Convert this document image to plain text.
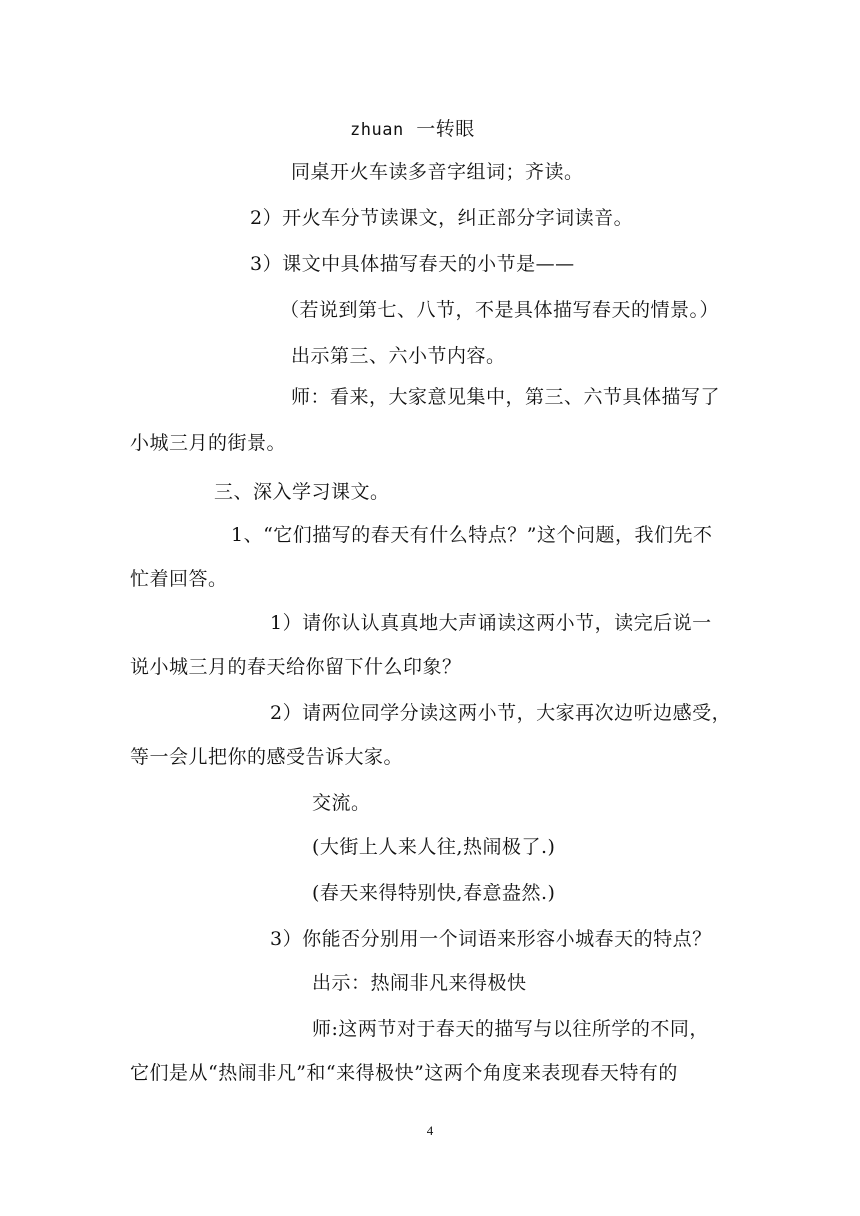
zhuan 一转眼
同桌开火车读多音字组词；齐读。
2）开火车分节读课文，纠正部分字词读音。
3）课文中具体描写春天的小节是——
（若说到第七、八节，不是具体描写春天的情景。）
出示第三、六小节内容。
师：看来，大家意见集中，第三、六节具体描写了
小城三月的街景。
三、深入学习课文。
1、“它们描写的春天有什么特点？”这个问题，我们先不
忙着回答。
1）请你认认真真地大声诵读这两小节，读完后说一
说小城三月的春天给你留下什么印象？
2）请两位同学分读这两小节，大家再次边听边感受，
等一会儿把你的感受告诉大家。
交流。
(大街上人来人往,热闹极了.)
(春天来得特别快,春意盎然.)
3）你能否分别用一个词语来形容小城春天的特点？
出示：热闹非凡来得极快
师:这两节对于春天的描写与以往所学的不同，
它们是从“热闹非凡”和“来得极快”这两个角度来表现春天特有的
4
